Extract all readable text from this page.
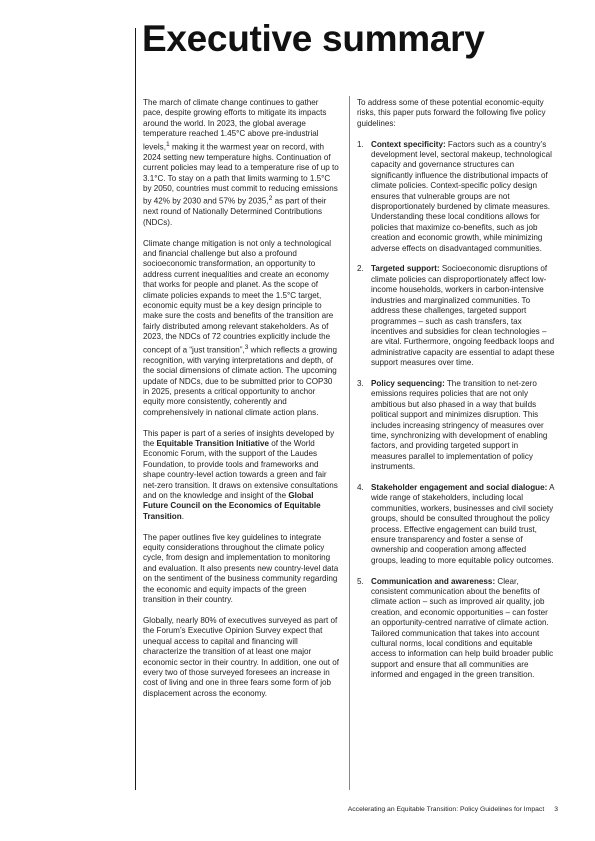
Executive summary

The march of climate change continues to gather pace, despite growing efforts to mitigate its impacts around the world. In 2023, the global average temperature reached 1.45°C above pre-industrial levels,$^1$ making it the warmest year on record, with 2024 setting new temperature highs. Continuation of current policies may lead to a temperature rise of up to 3.1°C. To stay on a path that limits warming to 1.5°C by 2050, countries must commit to reducing emissions by 42% by 2030 and 57% by 2035,$^2$ as part of their next round of Nationally Determined Contributions (NDCs).

Climate change mitigation is not only a technological and financial challenge but also a profound socioeconomic transformation, an opportunity to address current inequalities and create an economy that works for people and planet. As the scope of climate policies expands to meet the 1.5°C target, economic equity must be a key design principle to make sure the costs and benefits of the transition are fairly distributed among relevant stakeholders. As of 2023, the NDCs of 72 countries explicitly include the concept of a “just transition”,$^3$ which reflects a growing recognition, with varying interpretations and depth, of the social dimensions of climate action. The upcoming update of NDCs, due to be submitted prior to COP30 in 2025, presents a critical opportunity to anchor equity more consistently, coherently and comprehensively in national climate action plans.

This paper is part of a series of insights developed by the Equitable Transition Initiative of the World Economic Forum, with the support of the Laudes Foundation, to provide tools and frameworks and shape country-level action towards a green and fair net-zero transition. It draws on extensive consultations and on the knowledge and insight of the Global Future Council on the Economics of Equitable Transition.

The paper outlines five key guidelines to integrate equity considerations throughout the climate policy cycle, from design and implementation to monitoring and evaluation. It also presents new country-level data on the sentiment of the business community regarding the economic and equity impacts of the green transition in their country.

Globally, nearly 80% of executives surveyed as part of the Forum’s Executive Opinion Survey expect that unequal access to capital and financing will characterize the transition of at least one major economic sector in their country. In addition, one out of every two of those surveyed foresees an increase in cost of living and one in three fears some form of job displacement across the economy.

To address some of these potential economic-equity risks, this paper puts forward the following five policy guidelines:

1. Context specificity: Factors such as a country’s development level, sectoral makeup, technological capacity and governance structures can significantly influence the distributional impacts of climate policies. Context-specific policy design ensures that vulnerable groups are not disproportionately burdened by climate measures. Understanding these local conditions allows for policies that maximize co-benefits, such as job creation and economic growth, while minimizing adverse effects on disadvantaged communities.
2. Targeted support: Socioeconomic disruptions of climate policies can disproportionately affect low-income households, workers in carbon-intensive industries and marginalized communities. To address these challenges, targeted support programmes – such as cash transfers, tax incentives and subsidies for clean technologies – are vital. Furthermore, ongoing feedback loops and administrative capacity are essential to adapt these support measures over time.
3. Policy sequencing: The transition to net-zero emissions requires policies that are not only ambitious but also phased in a way that builds political support and minimizes disruption. This includes increasing stringency of measures over time, synchronizing with development of enabling factors, and providing targeted support in measures parallel to implementation of policy instruments.
4. Stakeholder engagement and social dialogue: A wide range of stakeholders, including local communities, workers, businesses and civil society groups, should be consulted throughout the policy process. Effective engagement can build trust, ensure transparency and foster a sense of ownership and cooperation among affected groups, leading to more equitable policy outcomes.
5. Communication and awareness: Clear, consistent communication about the benefits of climate action – such as improved air quality, job creation, and economic opportunities – can foster an opportunity-centred narrative of climate action. Tailored communication that takes into account cultural norms, local conditions and equitable access to information can help build broader public support and ensure that all communities are informed and engaged in the green transition.
Accelerating an Equitable Transition: Policy Guidelines for Impact 3
